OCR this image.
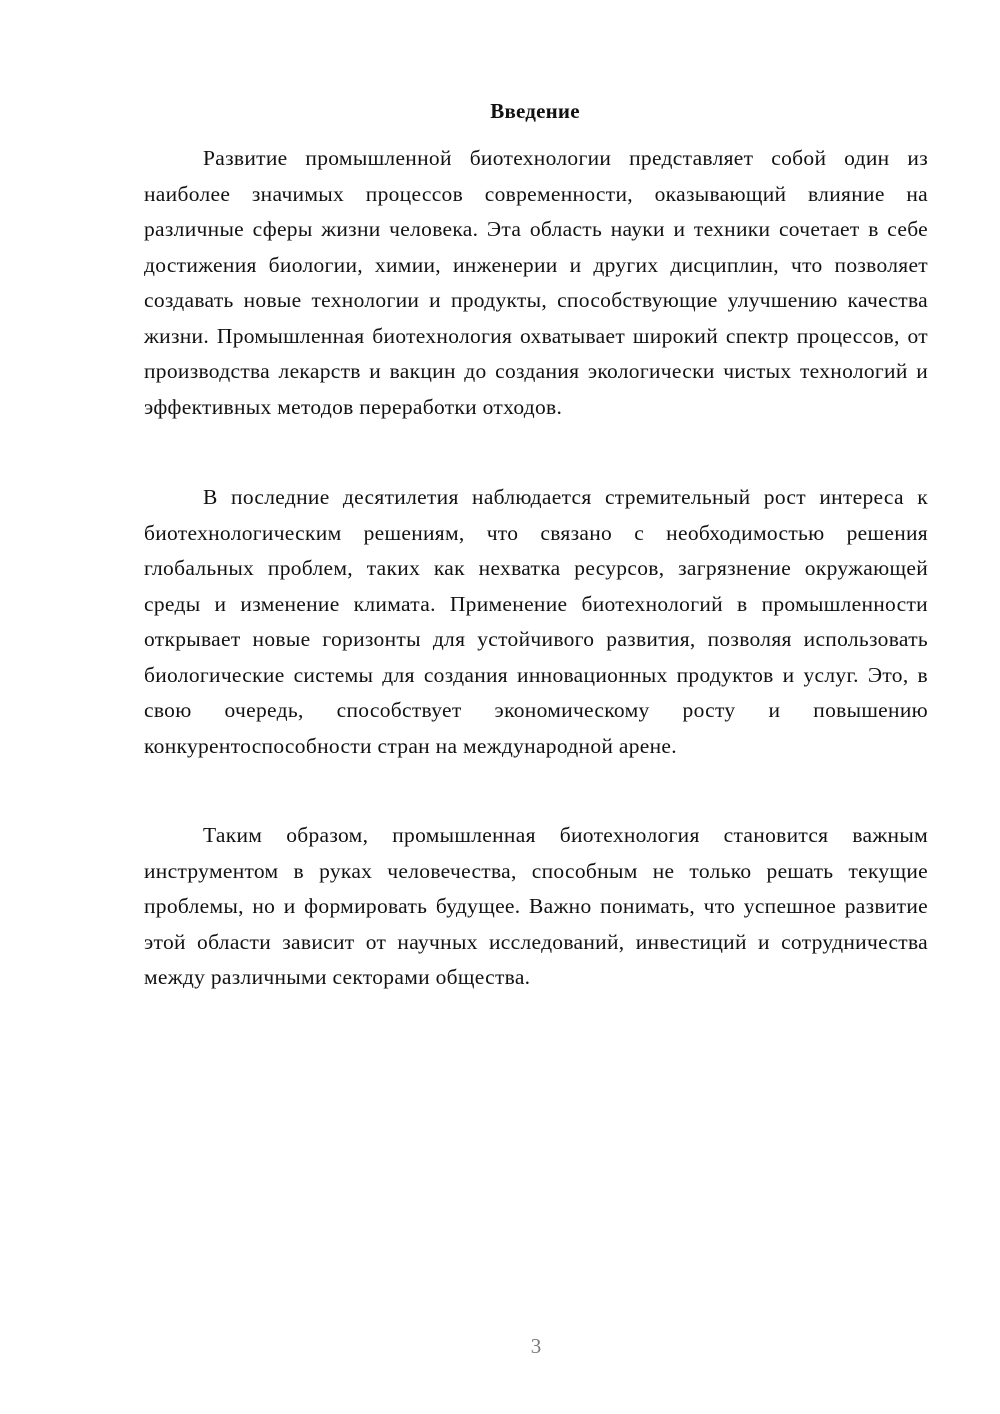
Введение

Развитие промышленной биотехнологии представляет собой один из наиболее значимых процессов современности, оказывающий влияние на различные сферы жизни человека. Эта область науки и техники сочетает в себе достижения биологии, химии, инженерии и других дисциплин, что позволяет создавать новые технологии и продукты, способствующие улучшению качества жизни. Промышленная биотехнология охватывает широкий спектр процессов, от производства лекарств и вакцин до создания экологически чистых технологий и эффективных методов переработки отходов.

В последние десятилетия наблюдается стремительный рост интереса к биотехнологическим решениям, что связано с необходимостью решения глобальных проблем, таких как нехватка ресурсов, загрязнение окружающей среды и изменение климата. Применение биотехнологий в промышленности открывает новые горизонты для устойчивого развития, позволяя использовать биологические системы для создания инновационных продуктов и услуг. Это, в свою очередь, способствует экономическому росту и повышению конкурентоспособности стран на международной арене.

Таким образом, промышленная биотехнология становится важным инструментом в руках человечества, способным не только решать текущие проблемы, но и формировать будущее. Важно понимать, что успешное развитие этой области зависит от научных исследований, инвестиций и сотрудничества между различными секторами общества.

3
